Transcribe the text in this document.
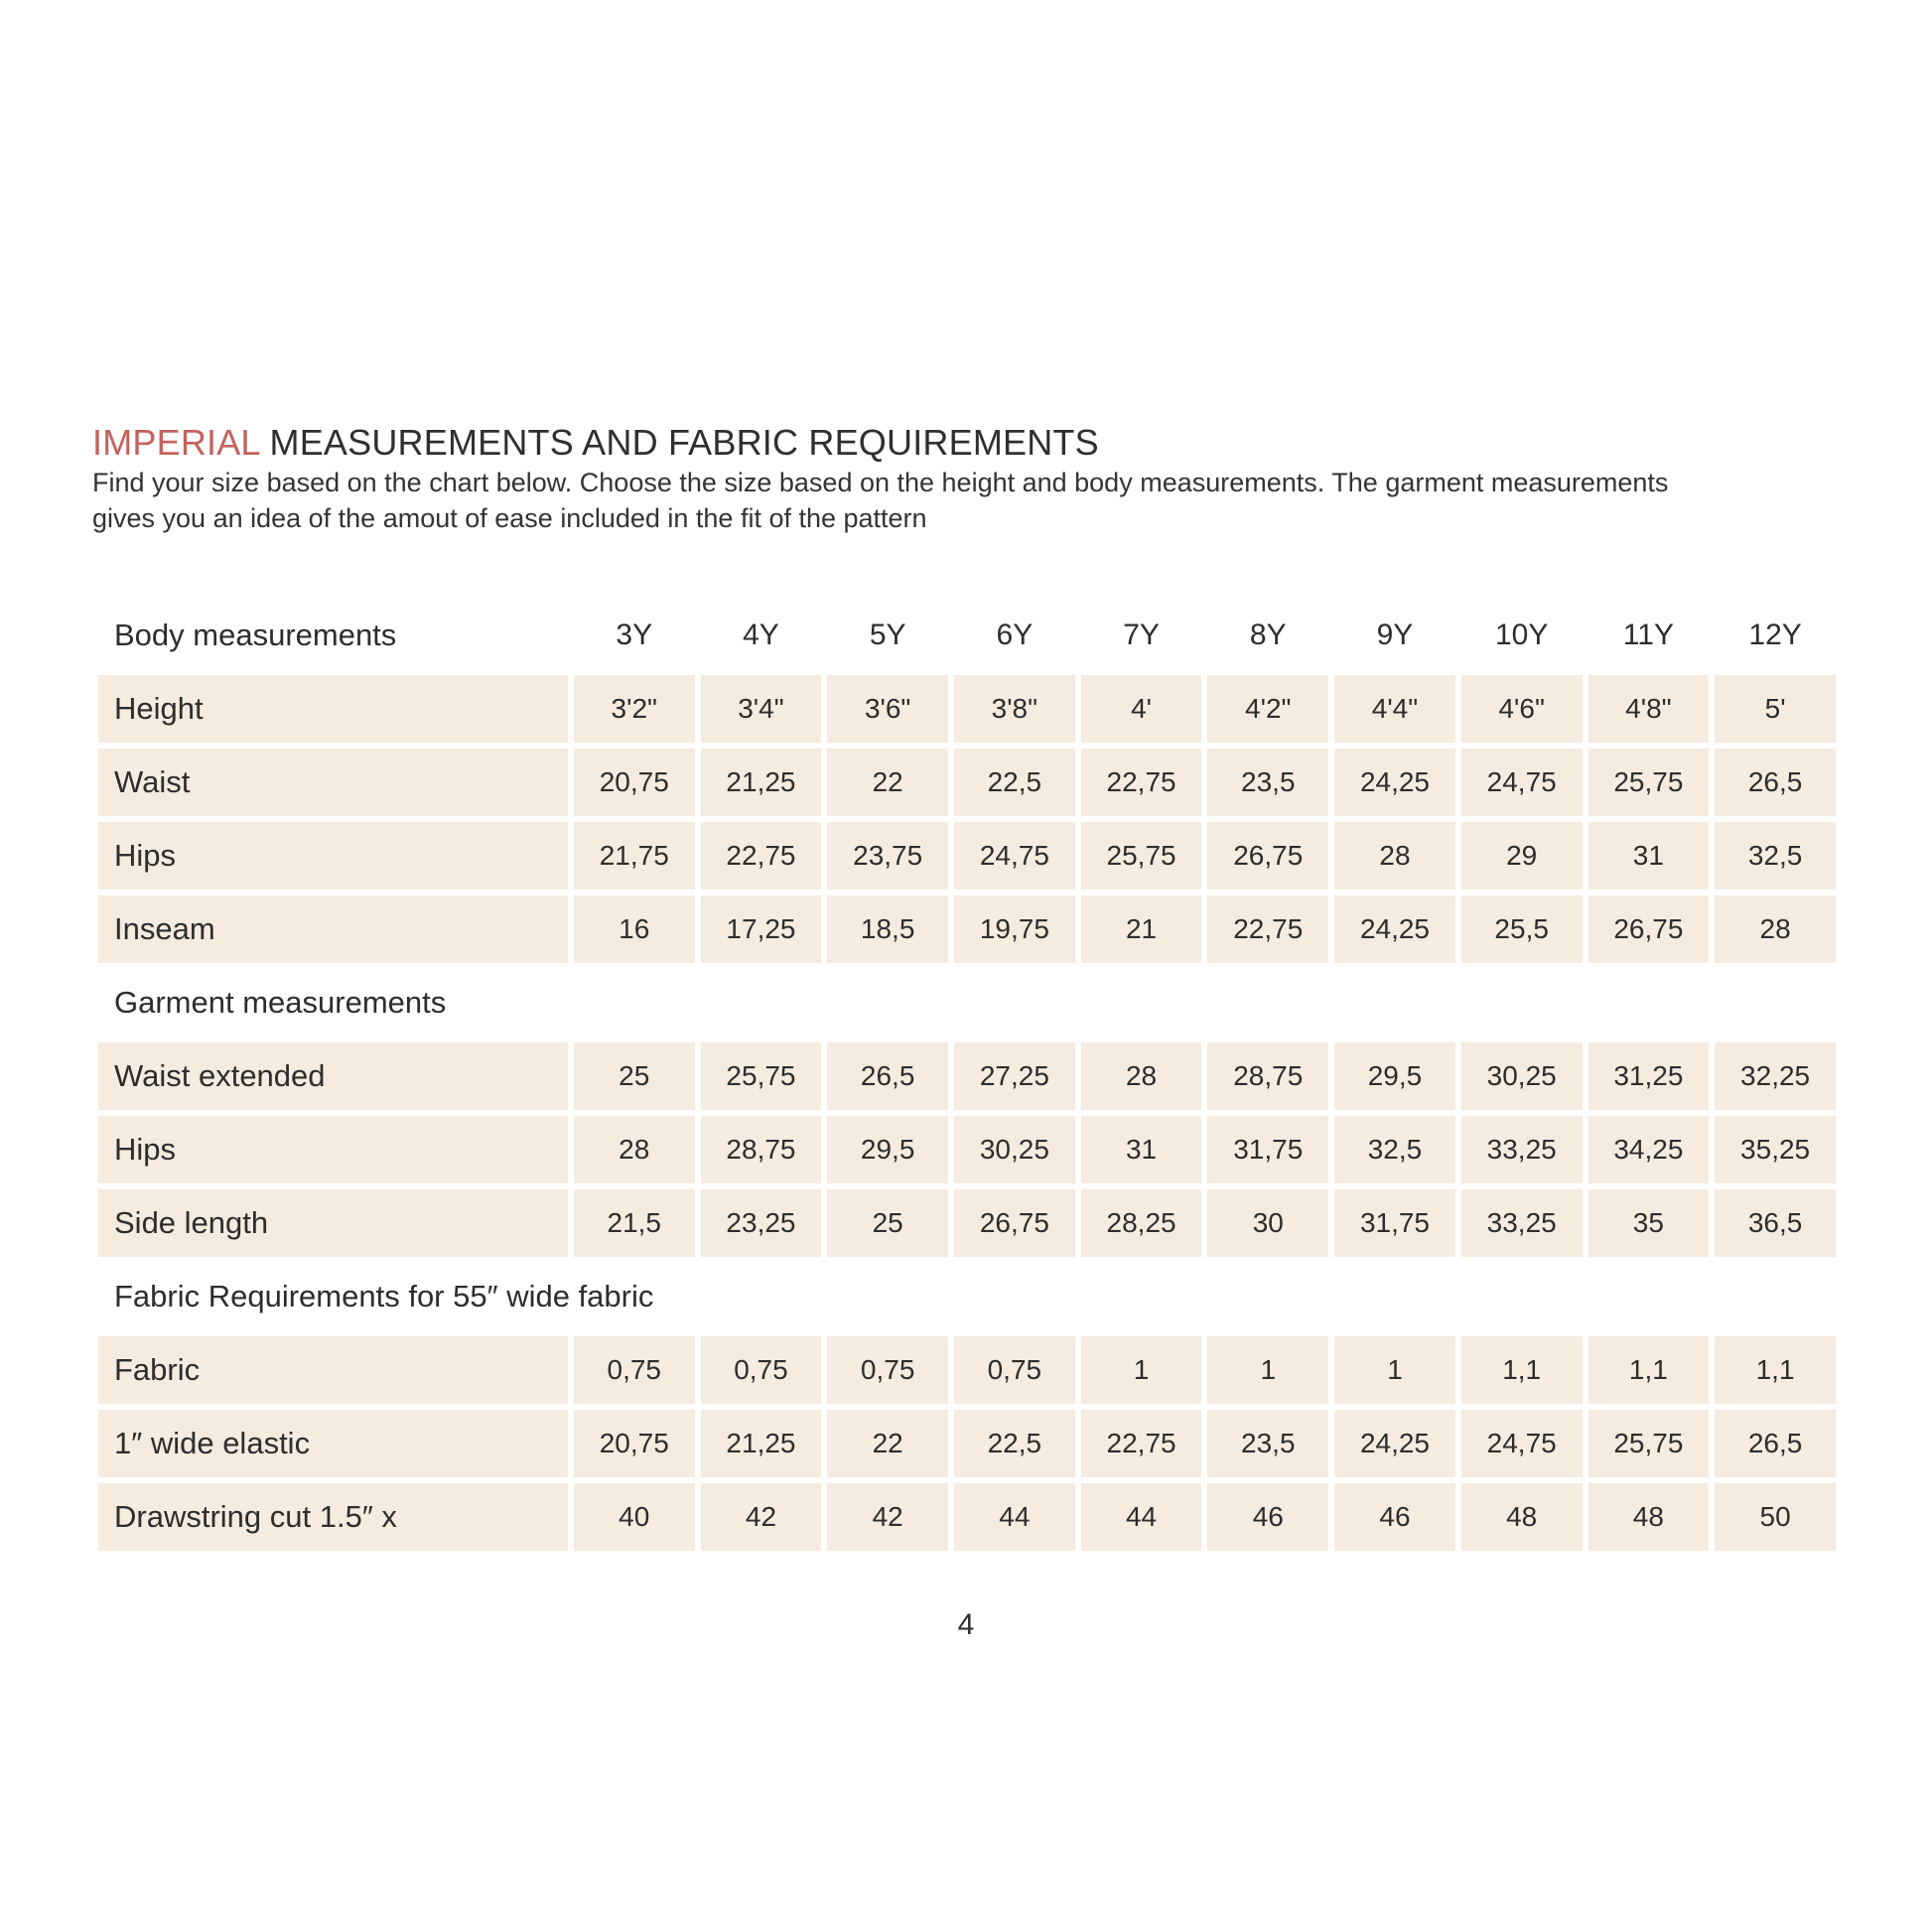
IMPERIAL MEASUREMENTS AND FABRIC REQUIREMENTS
Find your size based on the chart below. Choose the size based on the height and body measurements. The garment measurements
gives you an idea of the amout of ease included in the fit of the pattern
Body measurements	3Y	4Y	5Y	6Y	7Y	8Y	9Y	10Y	11Y	12Y
Height	3'2"	3'4"	3'6"	3'8"	4'	4'2"	4'4"	4'6"	4'8"	5'
Waist	20,75	21,25	22	22,5	22,75	23,5	24,25	24,75	25,75	26,5
Hips	21,75	22,75	23,75	24,75	25,75	26,75	28	29	31	32,5
Inseam	16	17,25	18,5	19,75	21	22,75	24,25	25,5	26,75	28
Garment measurements
Waist extended	25	25,75	26,5	27,25	28	28,75	29,5	30,25	31,25	32,25
Hips	28	28,75	29,5	30,25	31	31,75	32,5	33,25	34,25	35,25
Side length	21,5	23,25	25	26,75	28,25	30	31,75	33,25	35	36,5
Fabric Requirements for 55″ wide fabric
Fabric	0,75	0,75	0,75	0,75	1	1	1	1,1	1,1	1,1
1″ wide elastic	20,75	21,25	22	22,5	22,75	23,5	24,25	24,75	25,75	26,5
Drawstring cut 1.5″ x	40	42	42	44	44	46	46	48	48	50
4
